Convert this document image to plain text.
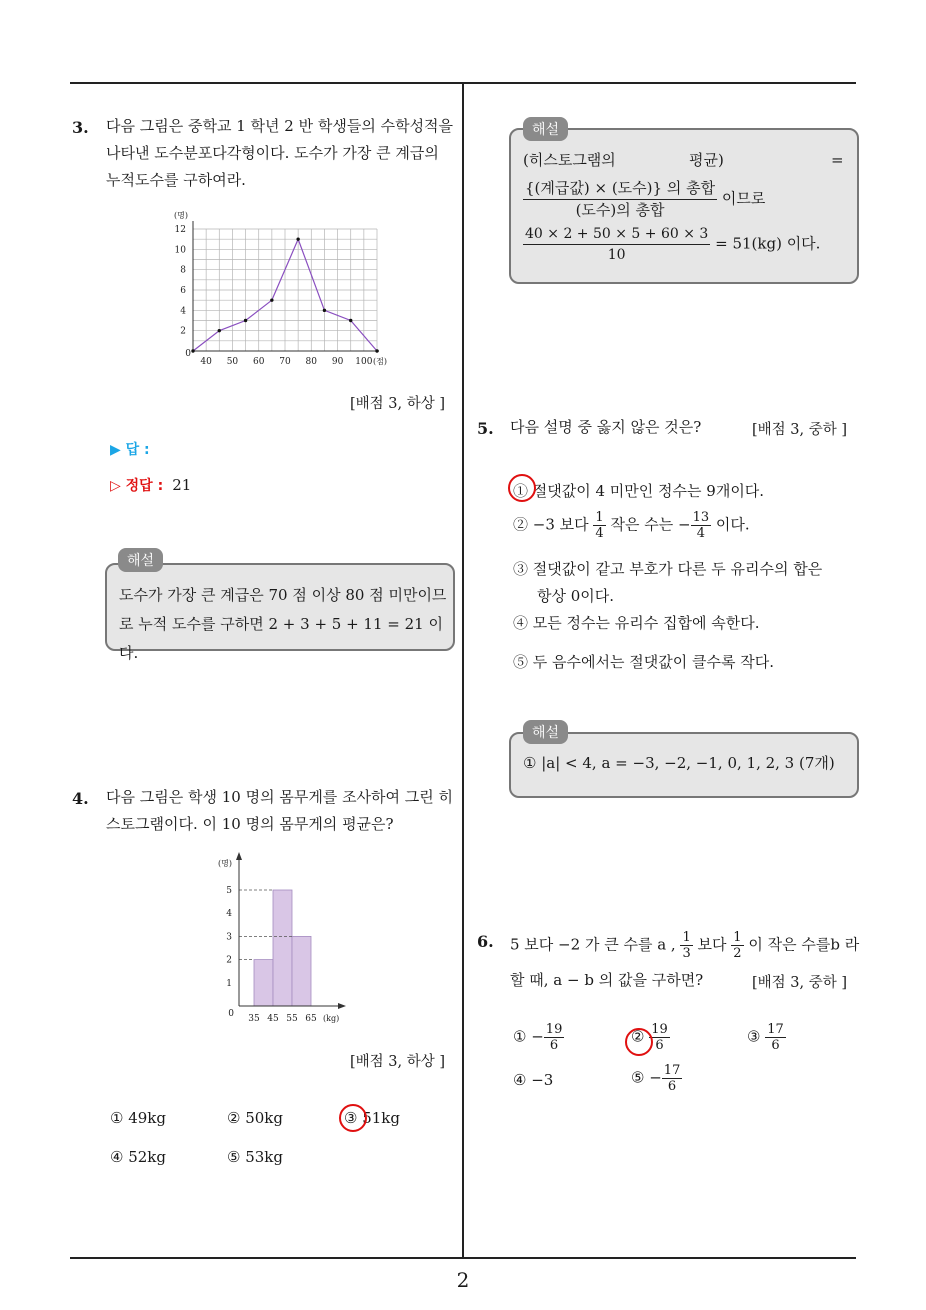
2
3. 다음 그림은 중학교 1 학년 2 반 학생들의 수학성적을
나타낸 도수분포다각형이다. 도수가 가장 큰 계급의
누적도수를 구하여라.
0
2
4
6
8
10
12
40 50 60 70 80 90 100
(명)
(점)
[배점 3, 하상 ]
▶ 답 :
▷ 정답 : 21
도수가 가장 큰 계급은 70 점 이상 80 점 미만이므
로 누적 도수를 구하면 2 + 3 + 5 + 11 = 21 이다.
해설
4. 다음 그림은 학생 10 명의 몸무게를 조사하여 그린 히
스토그램이다. 이 10 명의 몸무게의 평균은?
0
1
2
3
4
5
35 45 55 65
(명)
(kg)
[배점 3, 하상 ]
① 49kg	② 50kg	③ 51kg
④ 52kg	⑤ 53kg
(히스토그램의	평균)	=
$\frac{\text{\{(계급값) × (도수)\} 의 총합}}{\text{(도수)의 총합}}$ 이므로
$\frac{40 \times 2 + 50 \times 5 + 60 \times 3}{10} = 51(kg)$ 이다.
해설
5. 다음 설명 중 옳지 않은 것은?	[배점 3, 중하 ]
① 절댓값이 4 미만인 정수는 9개이다.
② −3 보다 $\frac{1}{4}$ 작은 수는 − $\frac{13}{4}$ 이다.
③ 절댓값이 같고 부호가 다른 두 유리수의 합은
항상 0이다.
④ 모든 정수는 유리수 집합에 속한다.
⑤ 두 음수에서는 절댓값이 클수록 작다.
① |a| < 4, a = −3, −2, −1, 0, 1, 2, 3 (7개)
해설
6. 5 보다 −2 가 큰 수를 a , $\frac{1}{3}$ 보다 $\frac{1}{2}$ 이 작은 수를b 라
할 때, a − b 의 값을 구하면?	[배점 3, 중하 ]
① − $\frac{19}{6}$	② $\frac{19}{6}$	③ $\frac{17}{6}$
④ −3	⑤ − $\frac{17}{6}$
